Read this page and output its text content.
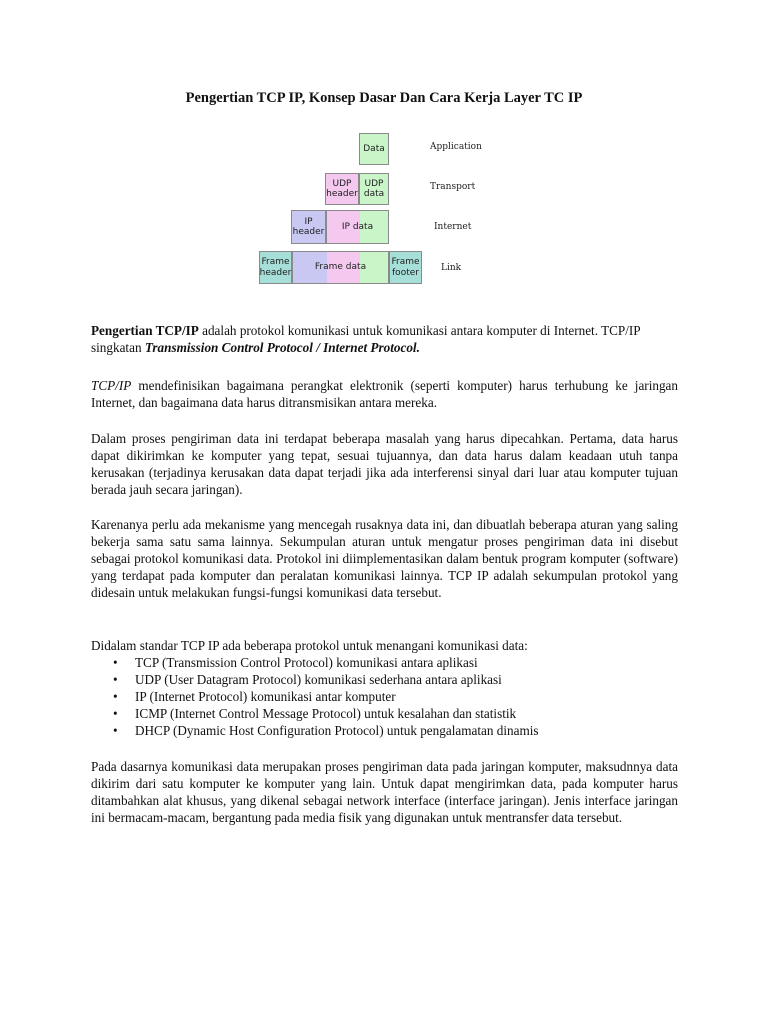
Pengertian TCP IP, Konsep Dasar Dan Cara Kerja Layer TC IP
Data
UDP header
UDP data
IP header
IP data
Frame header
Frame data
Frame footer
Application
Transport
Internet
Link
Pengertian TCP/IP adalah protokol komunikasi untuk komunikasi antara komputer di Internet. TCP/IP singkatan Transmission Control Protocol / Internet Protocol.
TCP/IP mendefinisikan bagaimana perangkat elektronik (seperti komputer) harus terhubung ke jaringan Internet, dan bagaimana data harus ditransmisikan antara mereka.
Dalam proses pengiriman data ini terdapat beberapa masalah yang harus dipecahkan. Pertama, data harus dapat dikirimkan ke komputer yang tepat, sesuai tujuannya, dan data harus dalam keadaan utuh tanpa kerusakan (terjadinya kerusakan data dapat terjadi jika ada interferensi sinyal dari luar atau komputer tujuan berada jauh secara jaringan).
Karenanya perlu ada mekanisme yang mencegah rusaknya data ini, dan dibuatlah beberapa aturan yang saling bekerja sama satu sama lainnya. Sekumpulan aturan untuk mengatur proses pengiriman data ini disebut sebagai protokol komunikasi data. Protokol ini diimplementasikan dalam bentuk program komputer (software) yang terdapat pada komputer dan peralatan komunikasi lainnya. TCP IP adalah sekumpulan protokol yang didesain untuk melakukan fungsi-fungsi komunikasi data tersebut.
Didalam standar TCP IP ada beberapa protokol untuk menangani komunikasi data:
• TCP (Transmission Control Protocol) komunikasi antara aplikasi
• UDP (User Datagram Protocol) komunikasi sederhana antara aplikasi
• IP (Internet Protocol) komunikasi antar komputer
• ICMP (Internet Control Message Protocol) untuk kesalahan dan statistik
• DHCP (Dynamic Host Configuration Protocol) untuk pengalamatan dinamis
Pada dasarnya komunikasi data merupakan proses pengiriman data pada jaringan komputer, maksudnnya data dikirim dari satu komputer ke komputer yang lain. Untuk dapat mengirimkan data, pada komputer harus ditambahkan alat khusus, yang dikenal sebagai network interface (interface jaringan). Jenis interface jaringan ini bermacam-macam, bergantung pada media fisik yang digunakan untuk mentransfer data tersebut.
